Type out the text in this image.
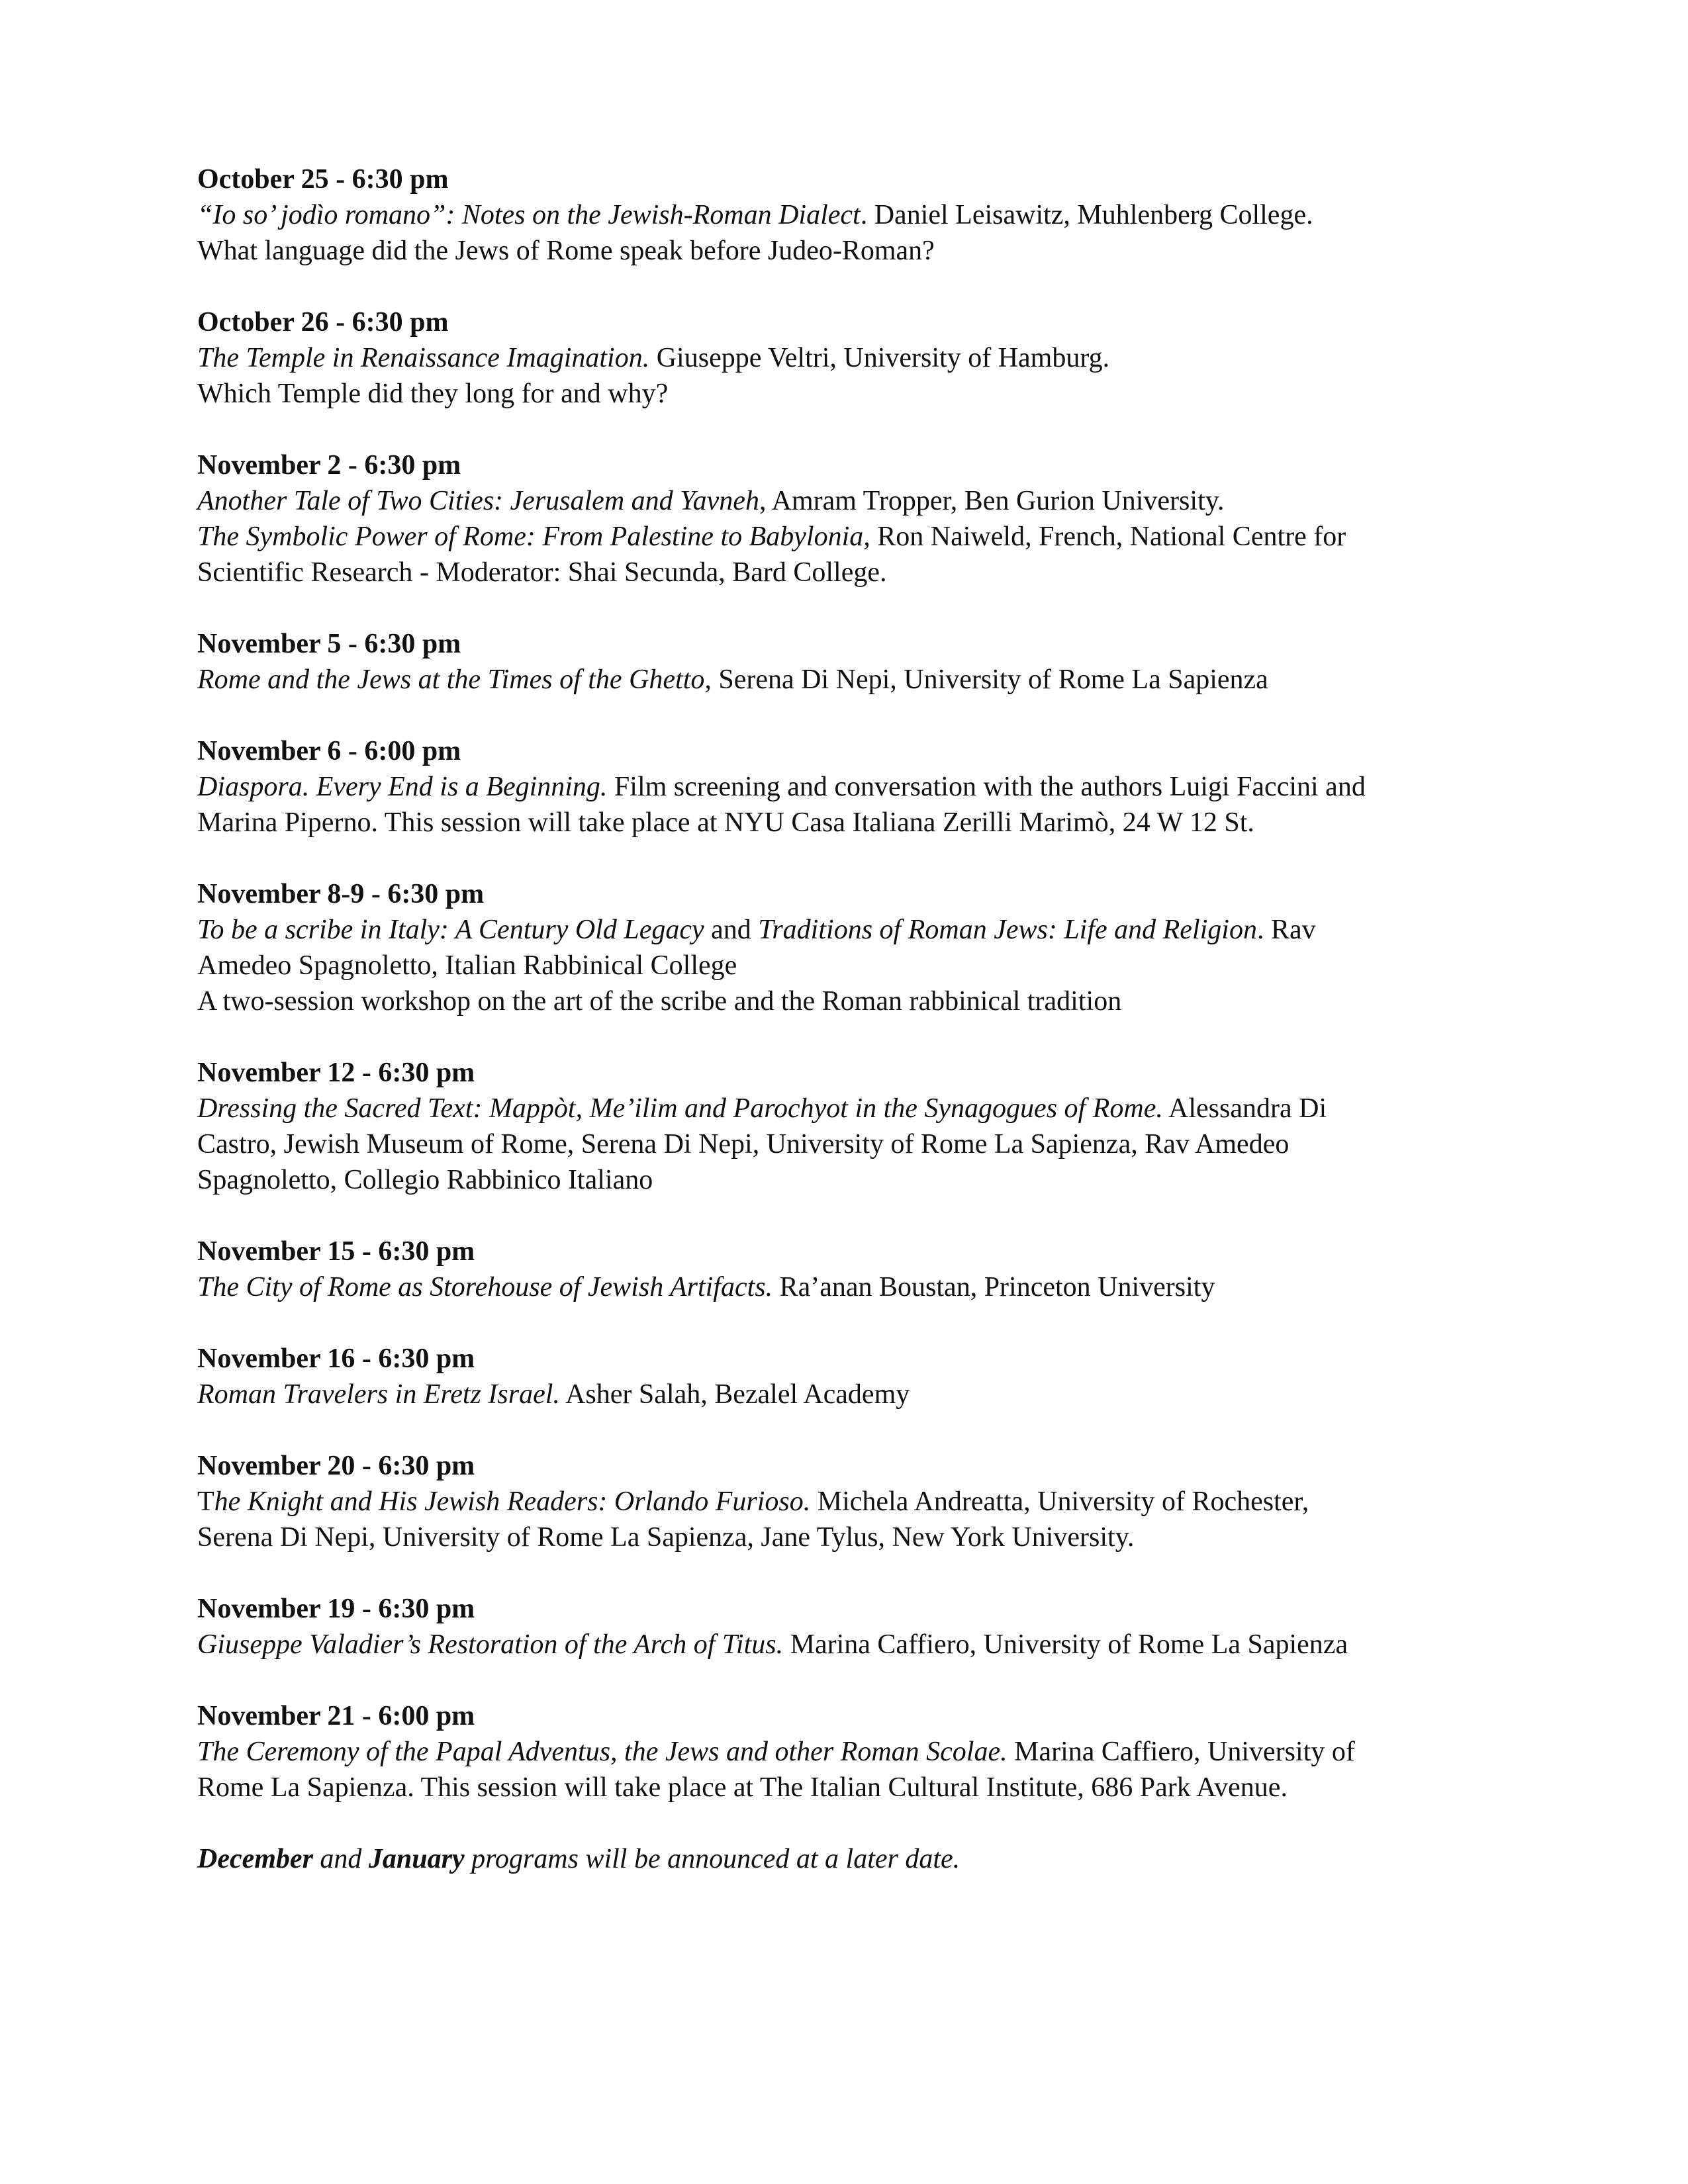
October 25 - 6:30 pm
“Io so’ jodìo romano”: Notes on the Jewish-Roman Dialect. Daniel Leisawitz, Muhlenberg College.
What language did the Jews of Rome speak before Judeo-Roman?
October 26 - 6:30 pm
The Temple in Renaissance Imagination. Giuseppe Veltri, University of Hamburg.
Which Temple did they long for and why?
November 2 - 6:30 pm
Another Tale of Two Cities: Jerusalem and Yavneh, Amram Tropper, Ben Gurion University.
The Symbolic Power of Rome: From Palestine to Babylonia, Ron Naiweld, French, National Centre for
Scientific Research - Moderator: Shai Secunda, Bard College.
November 5 - 6:30 pm
Rome and the Jews at the Times of the Ghetto, Serena Di Nepi, University of Rome La Sapienza
November 6 - 6:00 pm
Diaspora. Every End is a Beginning. Film screening and conversation with the authors Luigi Faccini and
Marina Piperno. This session will take place at NYU Casa Italiana Zerilli Marimò, 24 W 12 St.
November 8-9 - 6:30 pm
To be a scribe in Italy: A Century Old Legacy and Traditions of Roman Jews: Life and Religion. Rav
Amedeo Spagnoletto, Italian Rabbinical College
A two-session workshop on the art of the scribe and the Roman rabbinical tradition
November 12 - 6:30 pm
Dressing the Sacred Text: Mappòt, Me’ilim and Parochyot in the Synagogues of Rome. Alessandra Di
Castro, Jewish Museum of Rome, Serena Di Nepi, University of Rome La Sapienza, Rav Amedeo
Spagnoletto, Collegio Rabbinico Italiano
November 15 - 6:30 pm
The City of Rome as Storehouse of Jewish Artifacts. Ra’anan Boustan, Princeton University
November 16 - 6:30 pm
Roman Travelers in Eretz Israel. Asher Salah, Bezalel Academy
November 20 - 6:30 pm
The Knight and His Jewish Readers: Orlando Furioso. Michela Andreatta, University of Rochester,
Serena Di Nepi, University of Rome La Sapienza, Jane Tylus, New York University.
November 19 - 6:30 pm
Giuseppe Valadier’s Restoration of the Arch of Titus. Marina Caffiero, University of Rome La Sapienza
November 21 - 6:00 pm
The Ceremony of the Papal Adventus, the Jews and other Roman Scolae. Marina Caffiero, University of
Rome La Sapienza. This session will take place at The Italian Cultural Institute, 686 Park Avenue.
December and January programs will be announced at a later date.
